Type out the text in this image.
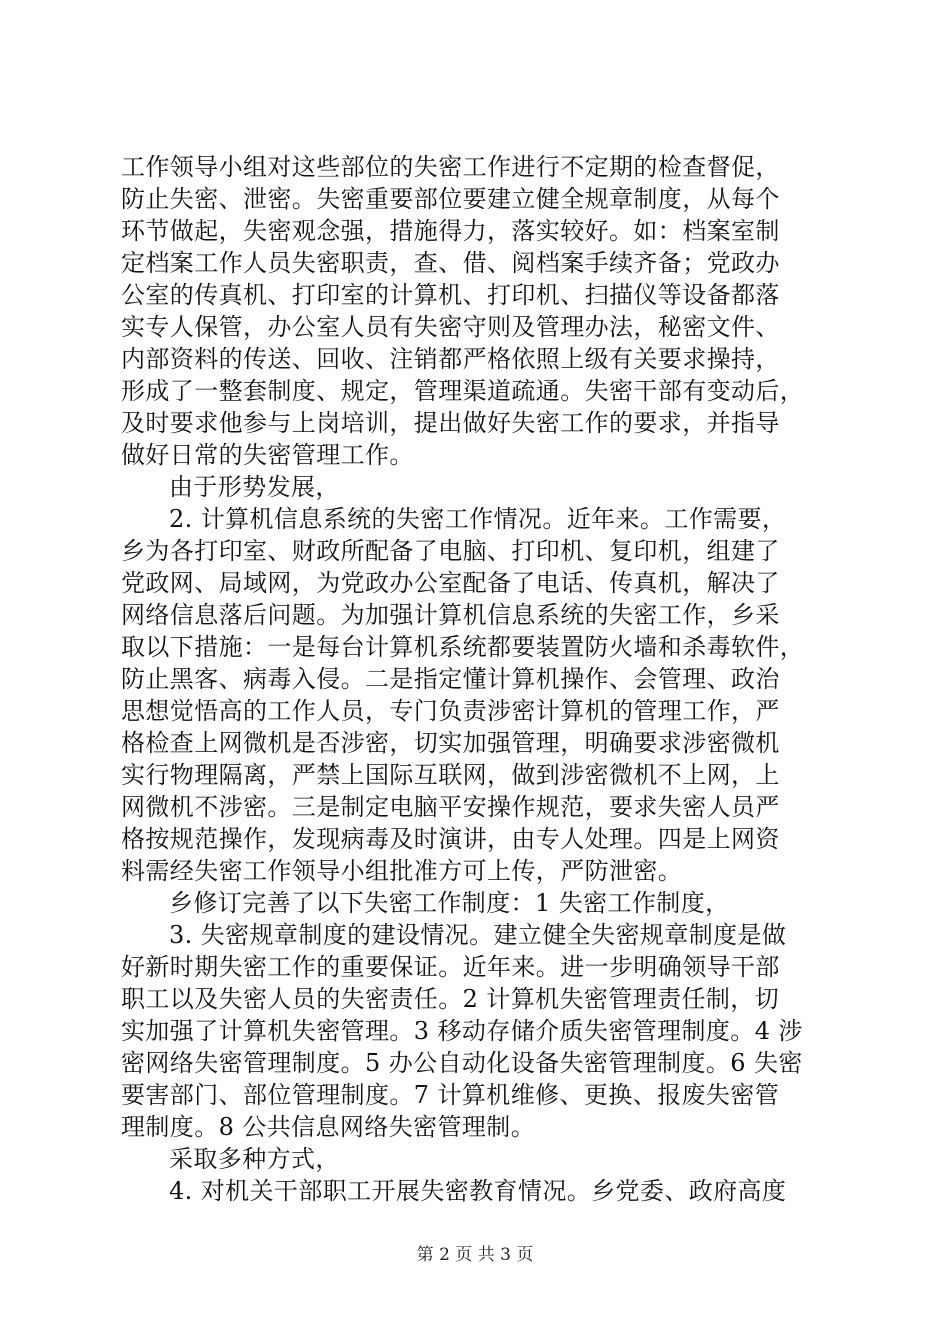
工作领导小组对这些部位的失密工作进行不定期的检查督促，
防止失密、泄密。失密重要部位要建立健全规章制度，从每个
环节做起，失密观念强，措施得力，落实较好。如：档案室制
定档案工作人员失密职责，查、借、阅档案手续齐备；党政办
公室的传真机、打印室的计算机、打印机、扫描仪等设备都落
实专人保管，办公室人员有失密守则及管理办法，秘密文件、
内部资料的传送、回收、注销都严格依照上级有关要求操持，
形成了一整套制度、规定，管理渠道疏通。失密干部有变动后，
及时要求他参与上岗培训，提出做好失密工作的要求，并指导
做好日常的失密管理工作。
由于形势发展，
2. 计算机信息系统的失密工作情况。近年来。工作需要，
乡为各打印室、财政所配备了电脑、打印机、复印机，组建了
党政网、局域网，为党政办公室配备了电话、传真机，解决了
网络信息落后问题。为加强计算机信息系统的失密工作，乡采
取以下措施：一是每台计算机系统都要装置防火墙和杀毒软件，
防止黑客、病毒入侵。二是指定懂计算机操作、会管理、政治
思想觉悟高的工作人员，专门负责涉密计算机的管理工作，严
格检查上网微机是否涉密，切实加强管理，明确要求涉密微机
实行物理隔离，严禁上国际互联网，做到涉密微机不上网，上
网微机不涉密。三是制定电脑平安操作规范，要求失密人员严
格按规范操作，发现病毒及时演讲，由专人处理。四是上网资
料需经失密工作领导小组批准方可上传，严防泄密。
乡修订完善了以下失密工作制度：1 失密工作制度，
3. 失密规章制度的建设情况。建立健全失密规章制度是做
好新时期失密工作的重要保证。近年来。进一步明确领导干部
职工以及失密人员的失密责任。2 计算机失密管理责任制，切
实加强了计算机失密管理。3 移动存储介质失密管理制度。4 涉
密网络失密管理制度。5 办公自动化设备失密管理制度。6 失密
要害部门、部位管理制度。7 计算机维修、更换、报废失密管
理制度。8 公共信息网络失密管理制。
采取多种方式，
4. 对机关干部职工开展失密教育情况。乡党委、政府高度
第 2 页 共 3 页
